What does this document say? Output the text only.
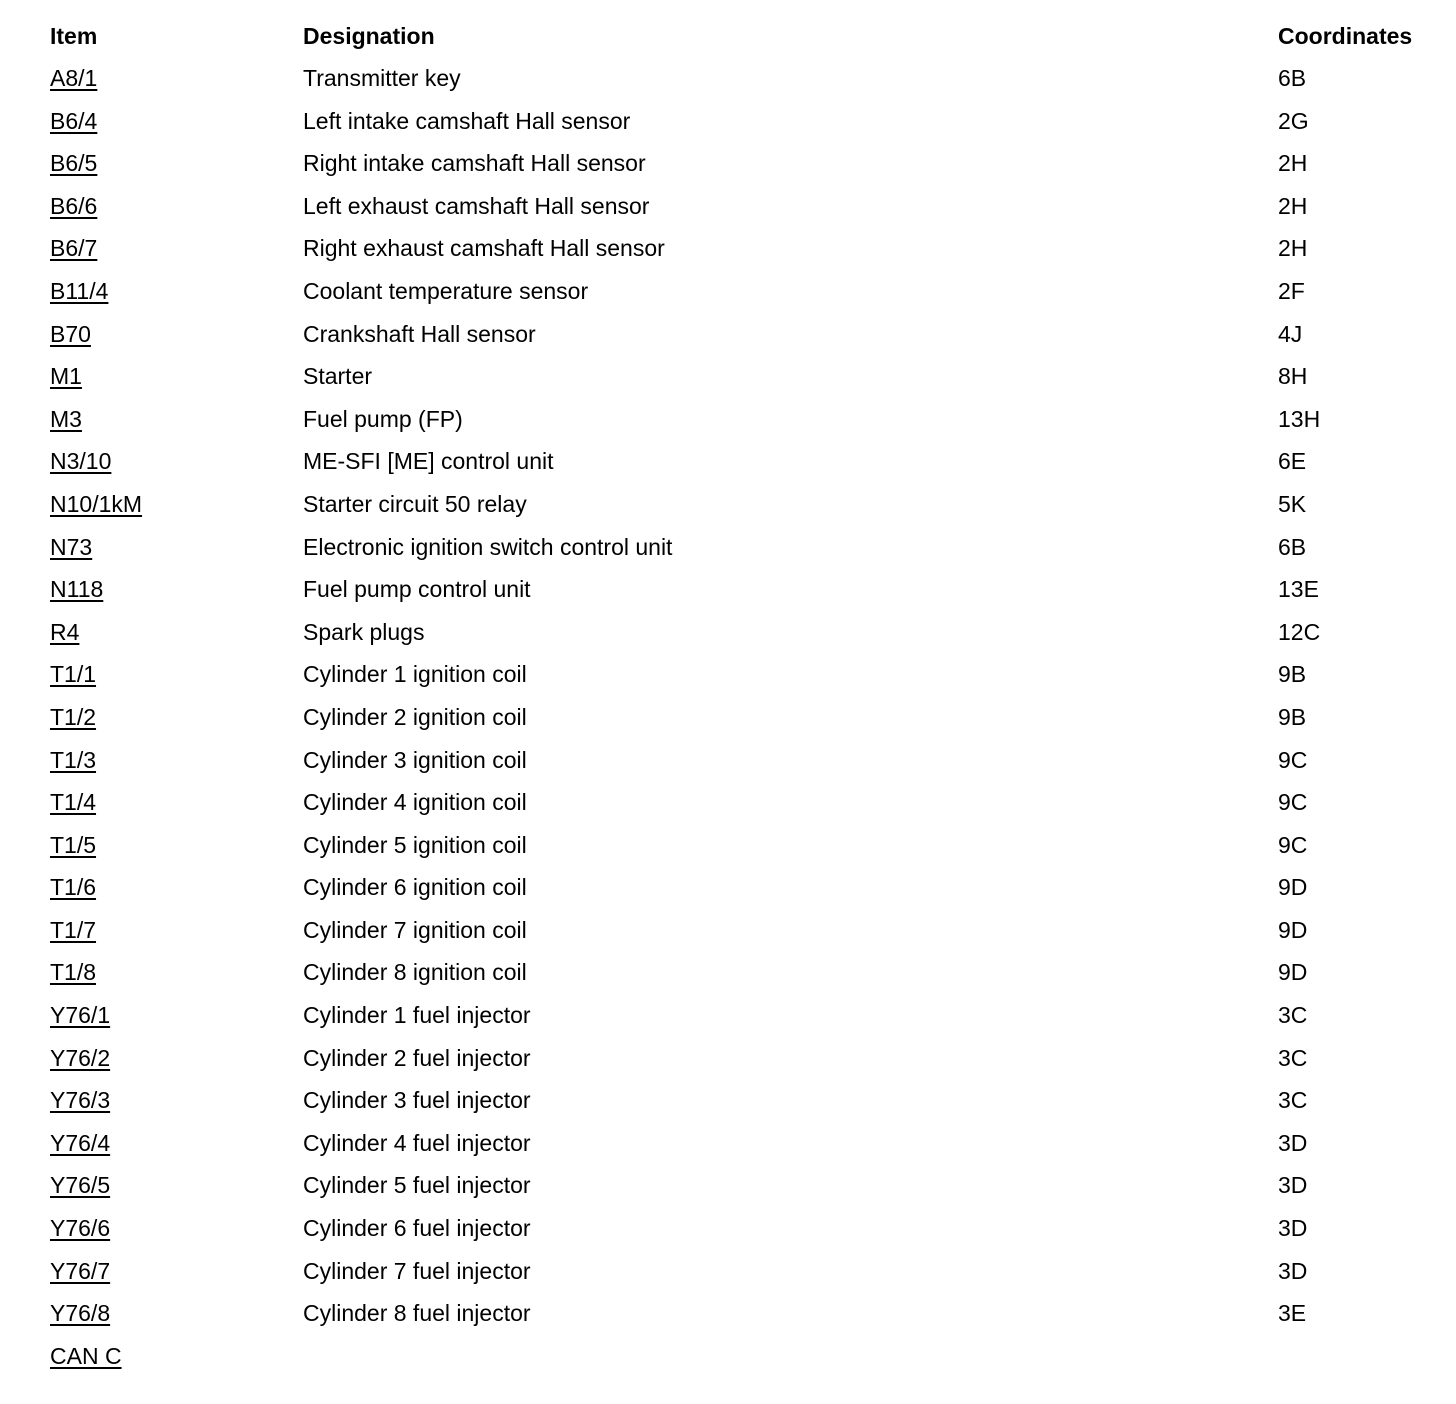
Item	Designation	Coordinates
A8/1	Transmitter key	6B
B6/4	Left intake camshaft Hall sensor	2G
B6/5	Right intake camshaft Hall sensor	2H
B6/6	Left exhaust camshaft Hall sensor	2H
B6/7	Right exhaust camshaft Hall sensor	2H
B11/4	Coolant temperature sensor	2F
B70	Crankshaft Hall sensor	4J
M1	Starter	8H
M3	Fuel pump (FP)	13H
N3/10	ME-SFI [ME] control unit	6E
N10/1kM	Starter circuit 50 relay	5K
N73	Electronic ignition switch control unit	6B
N118	Fuel pump control unit	13E
R4	Spark plugs	12C
T1/1	Cylinder 1 ignition coil	9B
T1/2	Cylinder 2 ignition coil	9B
T1/3	Cylinder 3 ignition coil	9C
T1/4	Cylinder 4 ignition coil	9C
T1/5	Cylinder 5 ignition coil	9C
T1/6	Cylinder 6 ignition coil	9D
T1/7	Cylinder 7 ignition coil	9D
T1/8	Cylinder 8 ignition coil	9D
Y76/1	Cylinder 1 fuel injector	3C
Y76/2	Cylinder 2 fuel injector	3C
Y76/3	Cylinder 3 fuel injector	3C
Y76/4	Cylinder 4 fuel injector	3D
Y76/5	Cylinder 5 fuel injector	3D
Y76/6	Cylinder 6 fuel injector	3D
Y76/7	Cylinder 7 fuel injector	3D
Y76/8	Cylinder 8 fuel injector	3E
CAN C
